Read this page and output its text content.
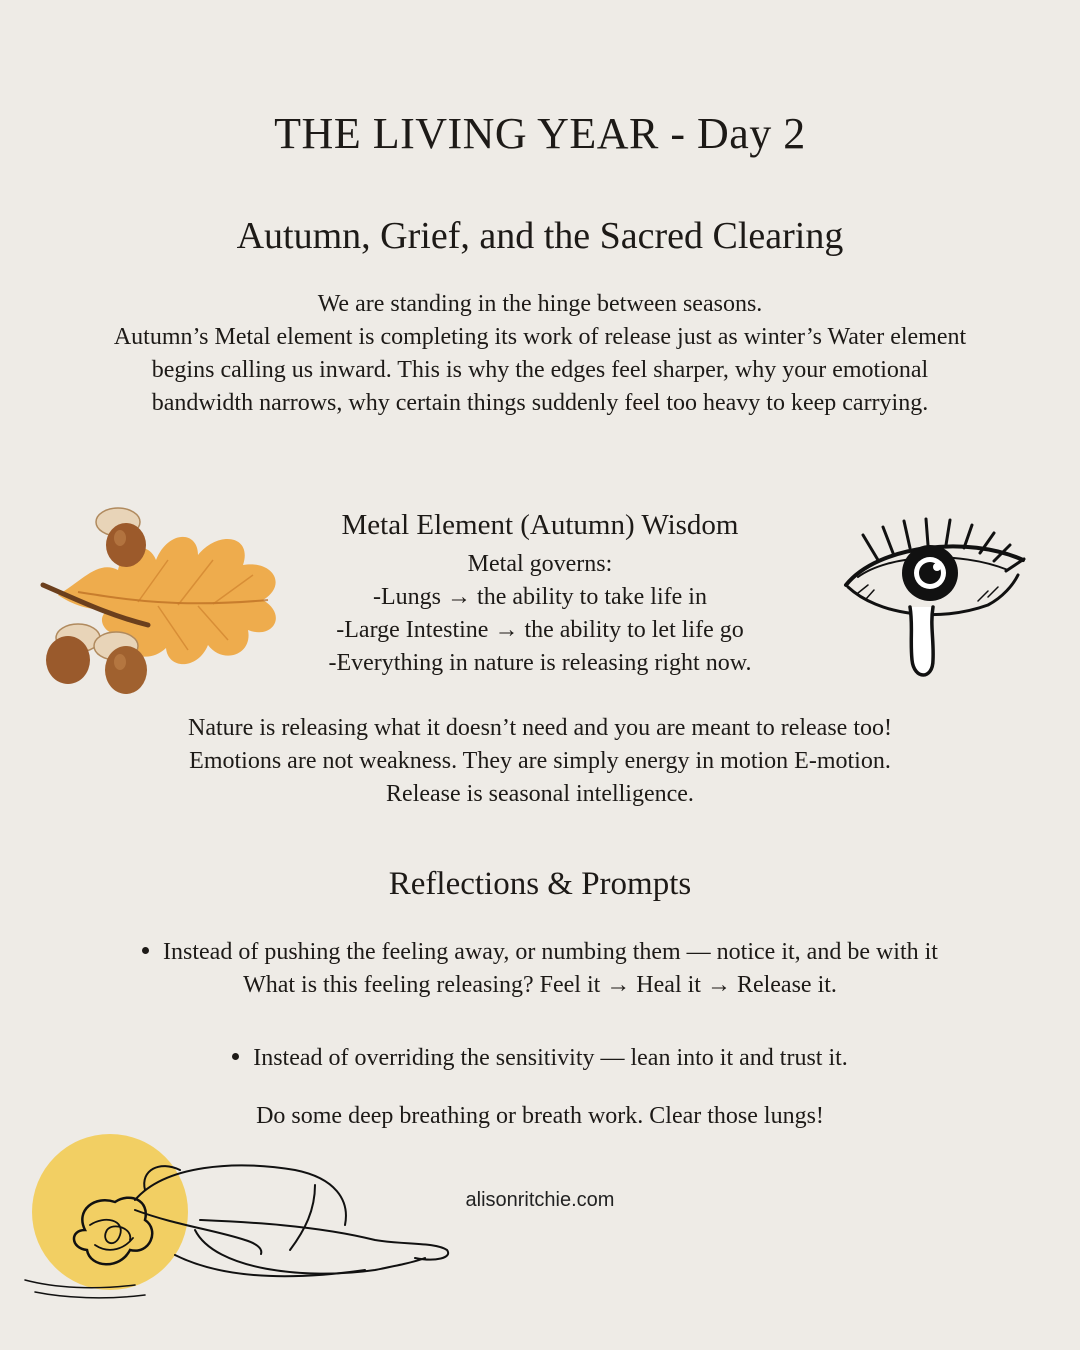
THE LIVING YEAR - Day 2
Autumn, Grief, and the Sacred Clearing
We are standing in the hinge between seasons.
Autumn’s Metal element is completing its work of release just as winter’s Water element
begins calling us inward. This is why the edges feel sharper, why your emotional
bandwidth narrows, why certain things suddenly feel too heavy to keep carrying.
Metal Element (Autumn) Wisdom
Metal governs:
-Lungs → the ability to take life in
-Large Intestine → the ability to let life go
-Everything in nature is releasing right now.
Nature is releasing what it doesn’t need and you are meant to release too!
Emotions are not weakness. They are simply energy in motion E-motion.
Release is seasonal intelligence.
Reflections & Prompts
Instead of pushing the feeling away, or numbing them — notice it, and be with it
What is this feeling releasing? Feel it → Heal it → Release it.
Instead of overriding the sensitivity — lean into it and trust it.
Do some deep breathing or breath work. Clear those lungs!
alisonritchie.com
